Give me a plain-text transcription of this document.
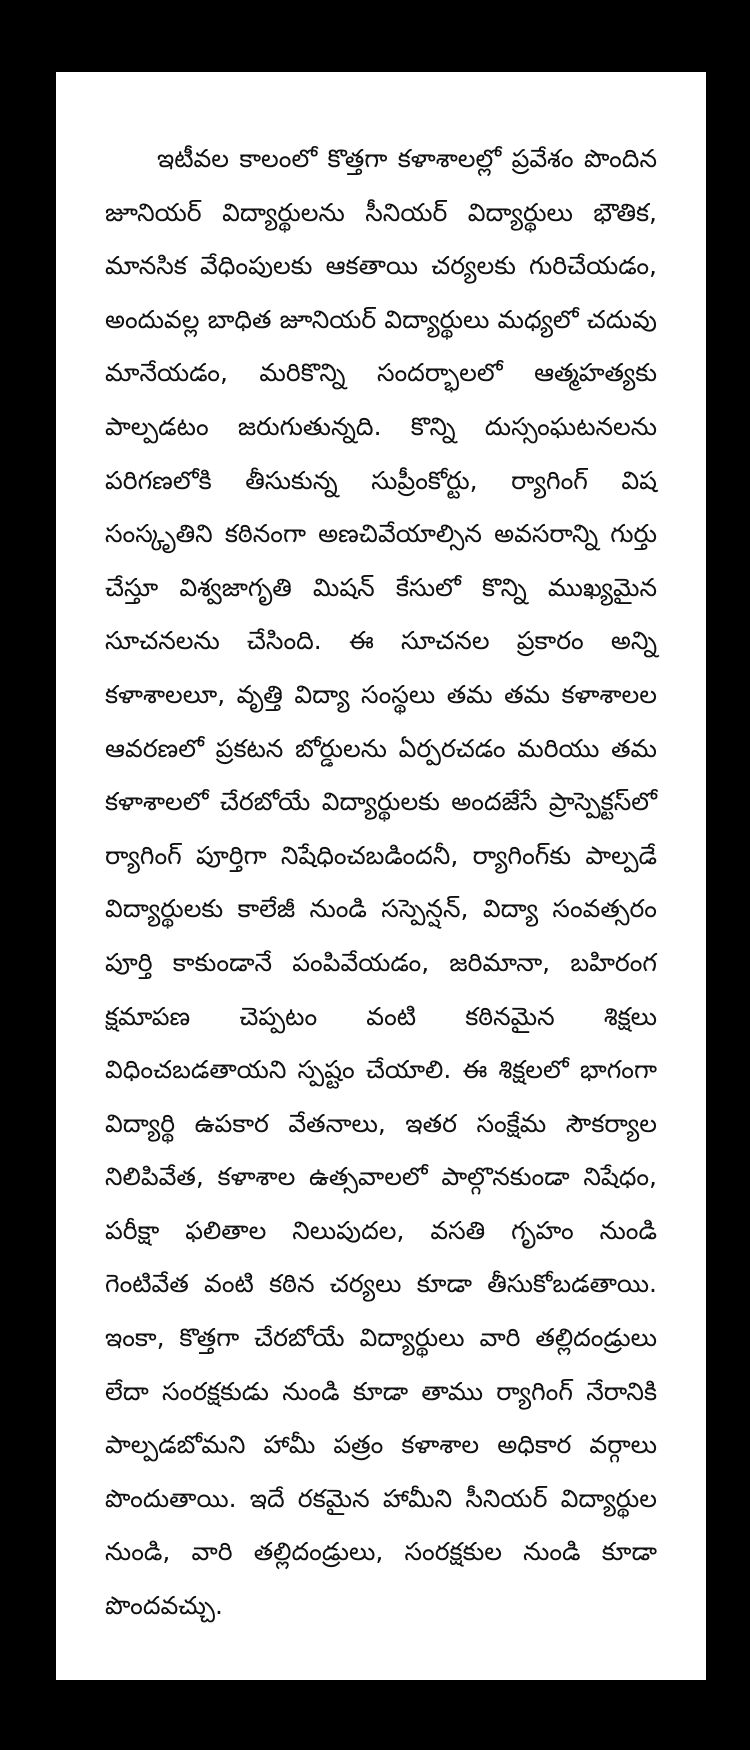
ఇటీవల కాలంలో కొత్తగా కళాశాలల్లో ప్రవేశం పొందిన జూనియర్ విద్యార్థులను సీనియర్ విద్యార్థులు భౌతిక, మానసిక వేధింపులకు ఆకతాయి చర్యలకు గురిచేయడం, అందువల్ల బాధిత జూనియర్ విద్యార్థులు మధ్యలో చదువు మానేయడం, మరికొన్ని సందర్భాలలో ఆత్మహత్యకు పాల్పడటం జరుగుతున్నది. కొన్ని దుస్సంఘటనలను పరిగణలోకి తీసుకున్న సుప్రీంకోర్టు, ర్యాగింగ్ విష సంస్కృతిని కఠినంగా అణచివేయాల్సిన అవసరాన్ని గుర్తు చేస్తూ విశ్వజాగృతి మిషన్ కేసులో కొన్ని ముఖ్యమైన సూచనలను చేసింది. ఈ సూచనల ప్రకారం అన్ని కళాశాలలూ, వృత్తి విద్యా సంస్థలు తమ తమ కళాశాలల ఆవరణలో ప్రకటన బోర్డులను ఏర్పరచడం మరియు తమ కళాశాలలో చేరబోయే విద్యార్థులకు అందజేసే ప్రాస్పెక్టస్‌లో ర్యాగింగ్ పూర్తిగా నిషేధించబడిందనీ, ర్యాగింగ్‌కు పాల్పడే విద్యార్థులకు కాలేజీ నుండి సస్పెన్షన్, విద్యా సంవత్సరం పూర్తి కాకుండానే పంపివేయడం, జరిమానా, బహిరంగ క్షమాపణ చెప్పటం వంటి కఠినమైన శిక్షలు విధించబడతాయని స్పష్టం చేయాలి. ఈ శిక్షలలో భాగంగా విద్యార్థి ఉపకార వేతనాలు, ఇతర సంక్షేమ సౌకర్యాల నిలిపివేత, కళాశాల ఉత్సవాలలో పాల్గొనకుండా నిషేధం, పరీక్షా ఫలితాల నిలుపుదల, వసతి గృహం నుండి గెంటివేత వంటి కఠిన చర్యలు కూడా తీసుకోబడతాయి. ఇంకా, కొత్తగా చేరబోయే విద్యార్థులు వారి తల్లిదండ్రులు లేదా సంరక్షకుడు నుండి కూడా తాము ర్యాగింగ్ నేరానికి పాల్పడబోమని హామీ పత్రం కళాశాల అధికార వర్గాలు పొందుతాయి. ఇదే రకమైన హామీని సీనియర్ విద్యార్థుల నుండి, వారి తల్లిదండ్రులు, సంరక్షకుల నుండి కూడా పొందవచ్చు.
